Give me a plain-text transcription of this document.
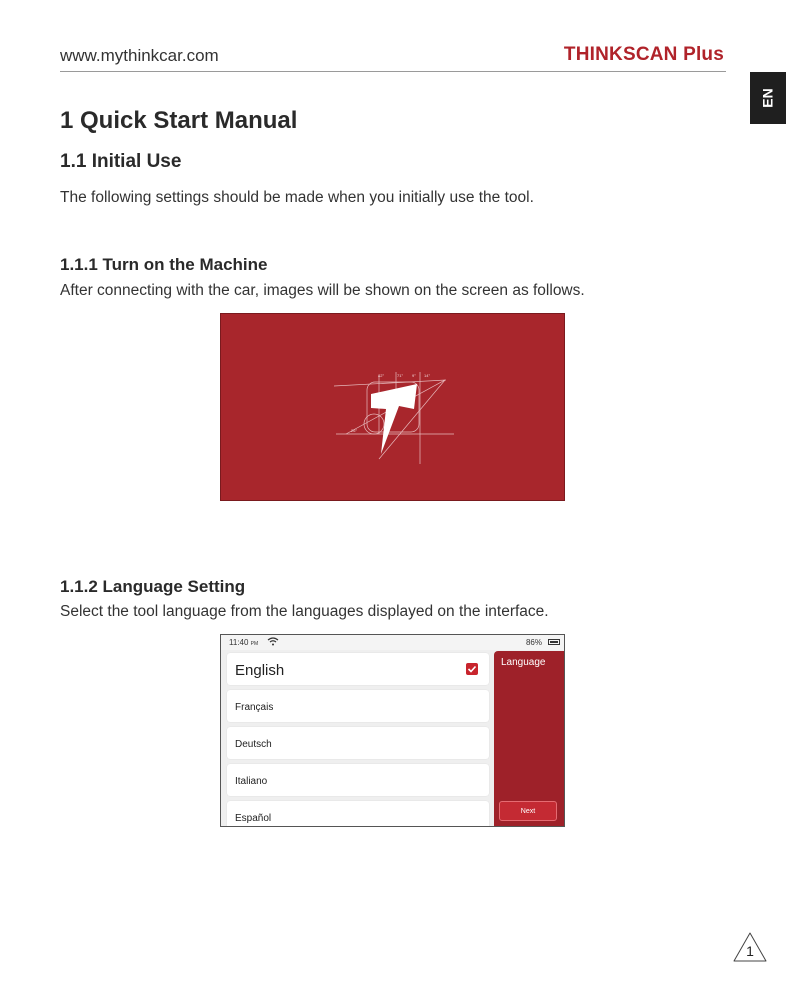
www.mythinkcar.com	THINKSCAN Plus
EN
1 Quick Start Manual
1.1 Initial Use

The following settings should be made when you initially use the tool.

1.1.1 Turn on the Machine

After connecting with the car, images will be shown on the screen as follows.

82°	71° 9° 14°
26°
1.1.2 Language Setting

Select the tool language from the languages displayed on the interface.

11:40 PM	86%
English
Français
Deutsch
Italiano
Español
Language
Next
1
